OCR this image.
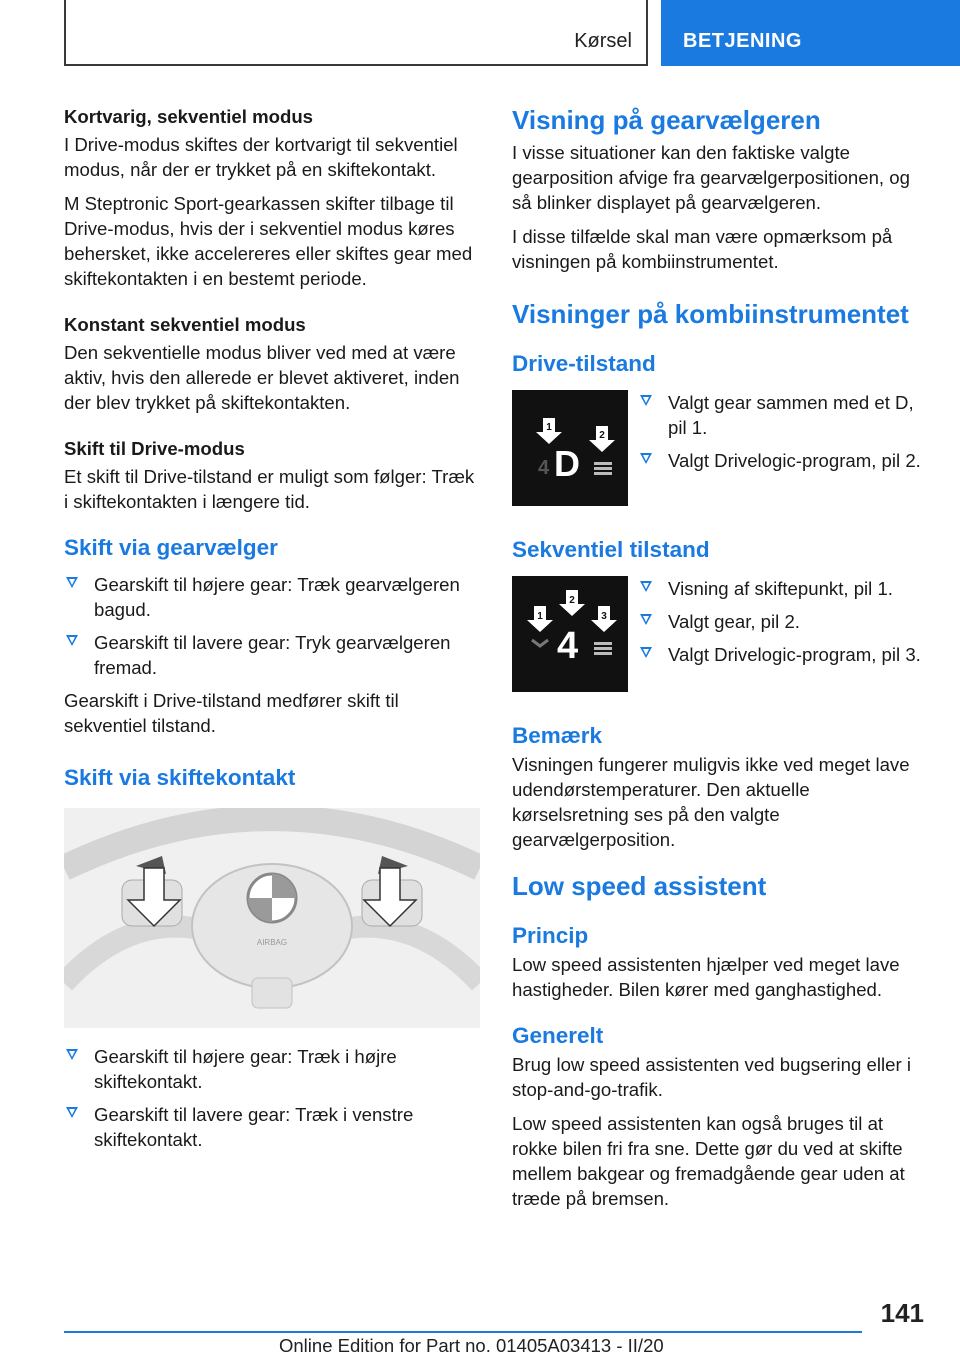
Kørsel	BETJENING
Kortvarig, sekventiel modus

I Drive-modus skiftes der kortvarigt til sekventiel modus, når der er trykket på en skiftekontakt.

M Steptronic Sport-gearkassen skifter tilbage til Drive-modus, hvis der i sekventiel modus køres behersket, ikke accelereres eller skiftes gear med skiftekontakten i en bestemt periode.

Konstant sekventiel modus

Den sekventielle modus bliver ved med at være aktiv, hvis den allerede er blevet aktiveret, inden der blev trykket på skiftekontakten.

Skift til Drive-modus

Et skift til Drive-tilstand er muligt som følger: Træk i skiftekontakten i længere tid.

Skift via gearvælger
Gearskift til højere gear: Træk gearvælgeren bagud.
Gearskift til lavere gear: Tryk gearvælgeren fremad.

Gearskift i Drive-tilstand medfører skift til sekventiel tilstand.

Skift via skiftekontakt
AIRBAG
Gearskift til højere gear: Træk i højre skiftekontakt.
Gearskift til lavere gear: Træk i venstre skiftekontakt.
Visning på gearvælgeren

I visse situationer kan den faktiske valgte gearposition afvige fra gearvælgerpositionen, og så blinker displayet på gearvælgeren.

I disse tilfælde skal man være opmærksom på visningen på kombiinstrumentet.

Visninger på kombiinstrumentet
Drive-tilstand
1
2
4 D
Valgt gear sammen med et D, pil 1.
Valgt Drivelogic-program, pil 2.
Sekventiel tilstand
1
2
3
4
Visning af skiftepunkt, pil 1.
Valgt gear, pil 2.
Valgt Drivelogic-program, pil 3.
Bemærk

Visningen fungerer muligvis ikke ved meget lave udendørstemperaturer. Den aktuelle kørselsretning ses på den valgte gearvælgerposition.

Low speed assistent
Princip

Low speed assistenten hjælper ved meget lave hastigheder. Bilen kører med ganghastighed.

Generelt

Brug low speed assistenten ved bugsering eller i stop-and-go-trafik.

Low speed assistenten kan også bruges til at rokke bilen fri fra sne. Dette gør du ved at skifte mellem bakgear og fremadgående gear uden at træde på bremsen.

141
Online Edition for Part no. 01405A03413 - II/20
